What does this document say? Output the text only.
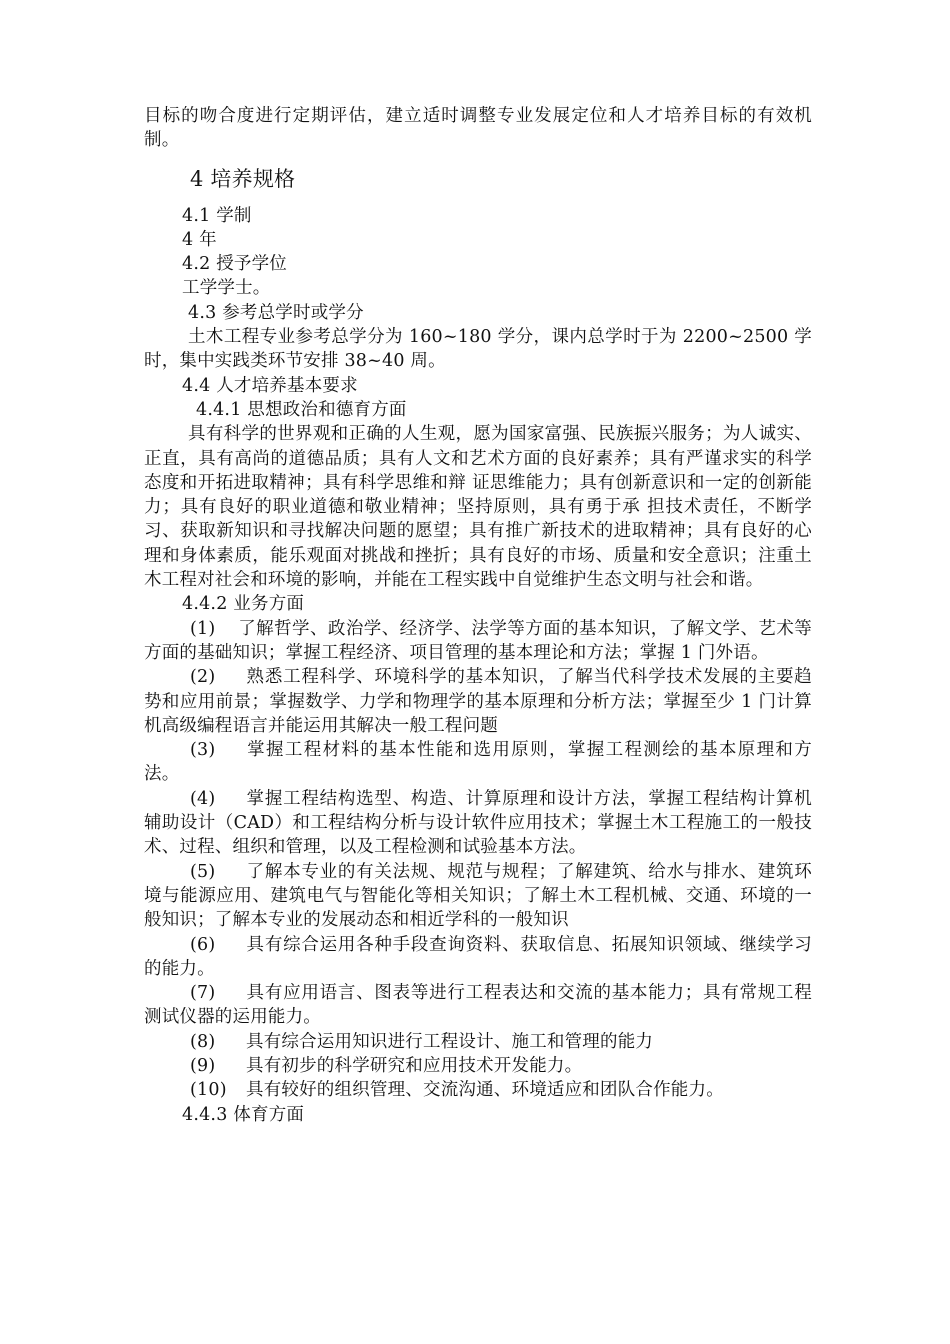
目标的吻合度进行定期评估，建立适时调整专业发展定位和人才培养目标的有效机制。

4 培养规格

4.1 学制

4 年

4.2 授予学位

工学学士。

4.3 参考总学时或学分

土木工程专业参考总学分为 160~180 学分，课内总学时于为 2200~2500 学时，集中实践类环节安排 38~40 周。

4.4 人才培养基本要求

4.4.1 思想政治和德育方面

具有科学的世界观和正确的人生观，愿为国家富强、民族振兴服务；为人诚实、正直，具有高尚的道德品质；具有人文和艺术方面的良好素养；具有严谨求实的科学态度和开拓进取精神；具有科学思维和辩 证思维能力；具有创新意识和一定的创新能力；具有良好的职业道德和敬业精神；坚持原则，具有勇于承 担技术责任，不断学习、获取新知识和寻找解决问题的愿望；具有推广新技术的进取精神；具有良好的心 理和身体素质，能乐观面对挑战和挫折；具有良好的市场、质量和安全意识；注重土木工程对社会和环境的影响，并能在工程实践中自觉维护生态文明与社会和谐。

4.4.2 业务方面

(1) 了解哲学、政治学、经济学、法学等方面的基本知识，了解文学、艺术等方面的基础知识；掌握工程经济、项目管理的基本理论和方法；掌握 1 门外语。

(2) 熟悉工程科学、环境科学的基本知识，了解当代科学技术发展的主要趋势和应用前景；掌握数学、力学和物理学的基本原理和分析方法；掌握至少 1 门计算机高级编程语言并能运用其解决一般工程问题

(3) 掌握工程材料的基本性能和选用原则，掌握工程测绘的基本原理和方法。

(4) 掌握工程结构选型、构造、计算原理和设计方法，掌握工程结构计算机辅助设计（CAD）和工程结构分析与设计软件应用技术；掌握土木工程施工的一般技术、过程、组织和管理，以及工程检测和试验基本方法。

(5) 了解本专业的有关法规、规范与规程；了解建筑、给水与排水、建筑环境与能源应用、建筑电气与智能化等相关知识；了解土木工程机械、交通、环境的一般知识；了解本专业的发展动态和相近学科的一般知识

(6) 具有综合运用各种手段查询资料、获取信息、拓展知识领域、继续学习的能力。

(7) 具有应用语言、图表等进行工程表达和交流的基本能力；具有常规工程测试仪器的运用能力。

(8) 具有综合运用知识进行工程设计、施工和管理的能力

(9) 具有初步的科学研究和应用技术开发能力。

(10) 具有较好的组织管理、交流沟通、环境适应和团队合作能力。

4.4.3 体育方面
